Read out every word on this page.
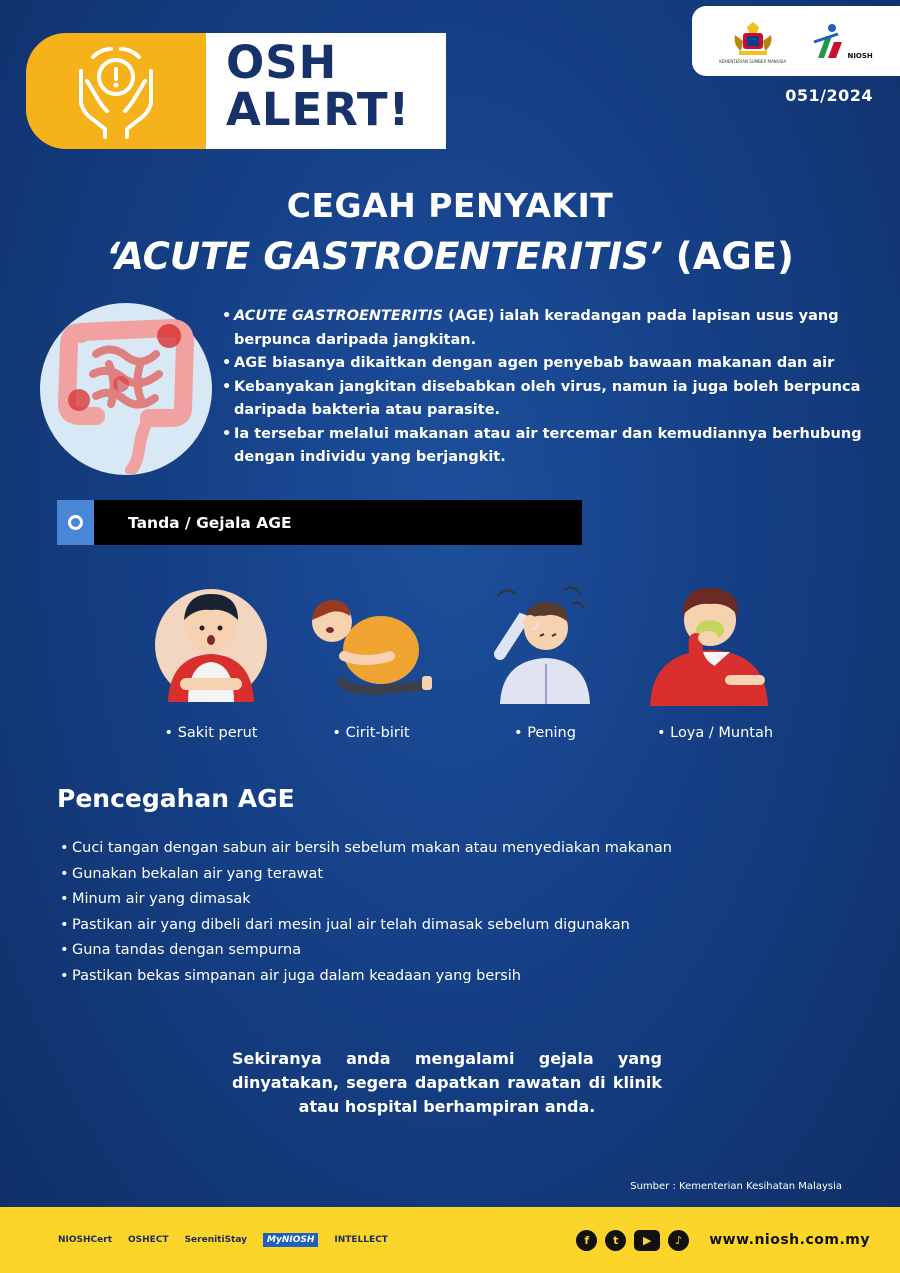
OSH
ALERT!
KEMENTERIAN SUMBER MANUSIA
NIOSH
051/2024
CEGAH PENYAKIT
‘ACUTE GASTROENTERITIS’ (AGE)
• ACUTE GASTROENTERITIS (AGE) ialah keradangan pada lapisan usus yang berpunca daripada jangkitan.
• AGE biasanya dikaitkan dengan agen penyebab bawaan makanan dan air
• Kebanyakan jangkitan disebabkan oleh virus, namun ia juga boleh berpunca daripada bakteria atau parasite.
• Ia tersebar melalui makanan atau air tercemar dan kemudiannya berhubung dengan individu yang berjangkit.
Tanda / Gejala AGE
• Sakit perut	• Cirit-birit	• Pening	• Loya / Muntah
Pencegahan AGE
• Cuci tangan dengan sabun air bersih sebelum makan atau menyediakan makanan
• Gunakan bekalan air yang terawat
• Minum air yang dimasak
• Pastikan air yang dibeli dari mesin jual air telah dimasak sebelum digunakan
• Guna tandas dengan sempurna
• Pastikan bekas simpanan air juga dalam keadaan yang bersih
Sekiranya anda mengalami gejala yang dinyatakan, segera dapatkan rawatan di klinik atau hospital berhampiran anda.
Sumber : Kementerian Kesihatan Malaysia
NIOSHCert OSHECT SerenitiStay	MyNIOSH	INTELLECT	f	t	▶	♪	www.niosh.com.my
